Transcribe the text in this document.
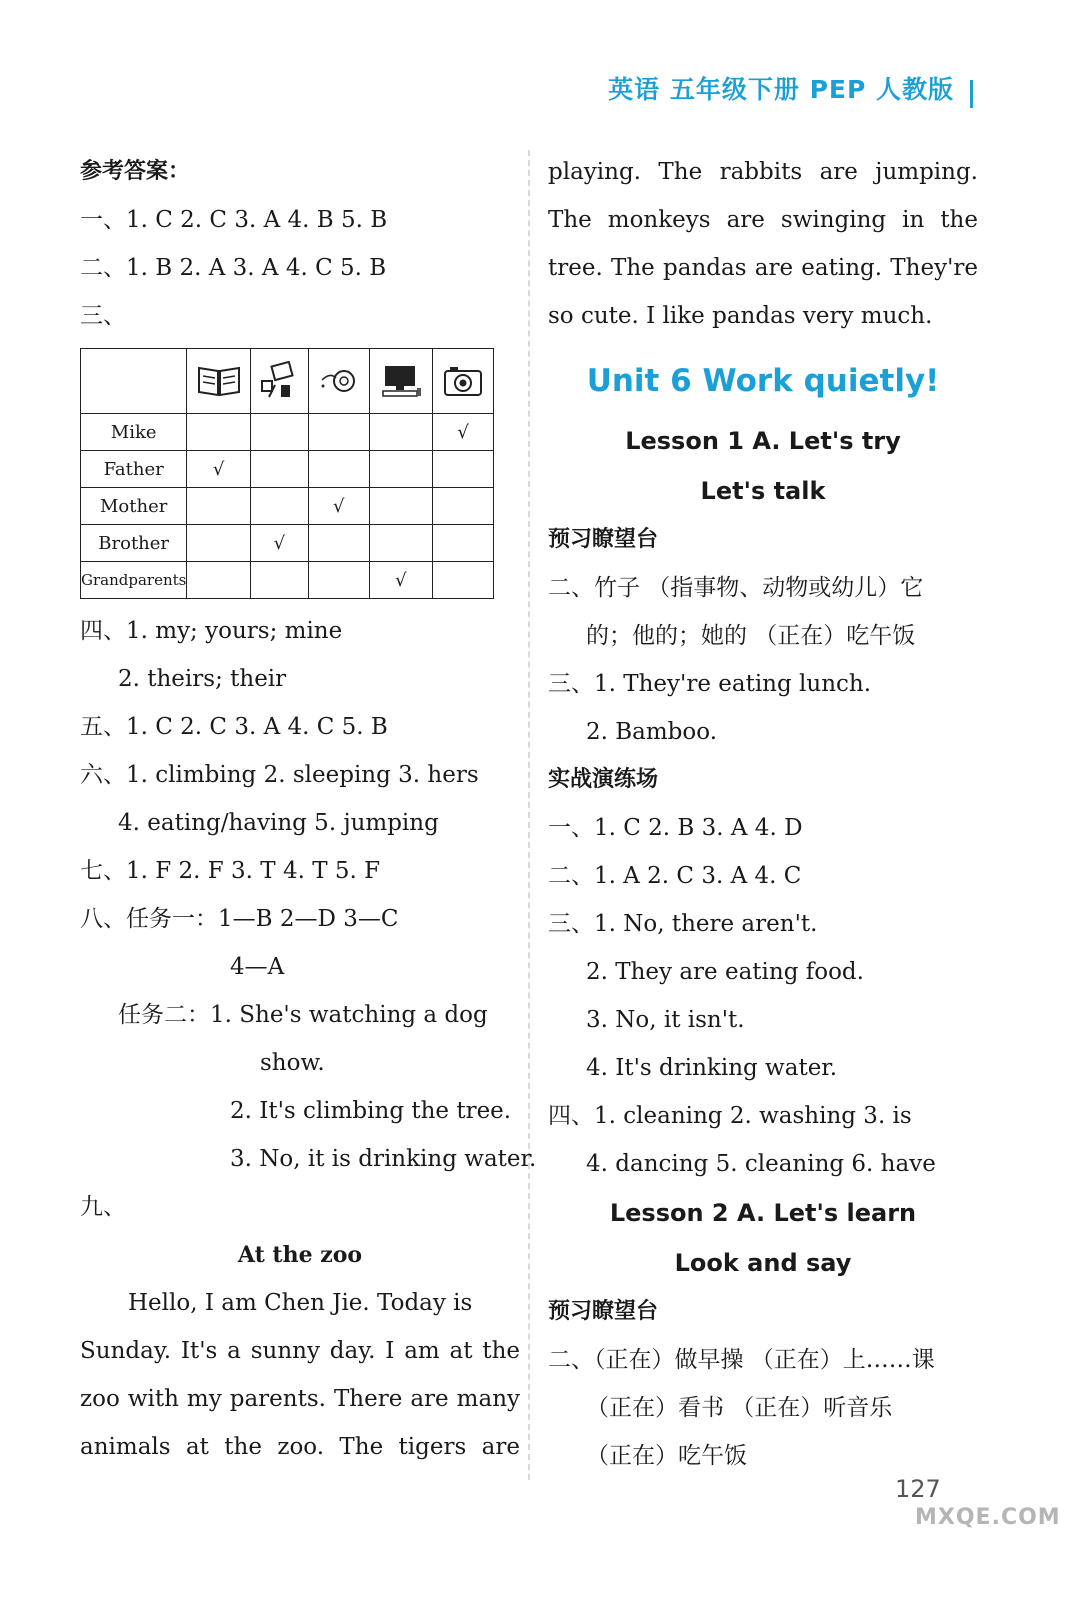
英语 五年级下册 PEP 人教版
参考答案：
一、1. C 2. C 3. A 4. B 5. B
二、1. B 2. A 3. A 4. C 5. B
三、

Mike					√
Father	√				
Mother			√		
Brother		√			
Grandparents				√	
四、1. my; yours; mine
2. theirs; their
五、1. C 2. C 3. A 4. C 5. B
六、1. climbing 2. sleeping 3. hers
4. eating/having 5. jumping
七、1. F 2. F 3. T 4. T 5. F
八、任务一：1—B 2—D 3—C
4—A
任务二：1. She's watching a dog
show.
2. It's climbing the tree.
3. No, it is drinking water.
九、
At the zoo
Hello, I am Chen Jie. Today is
Sunday. It's a sunny day. I am at the
zoo with my parents. There are many
animals at the zoo. The tigers are
playing. The rabbits are jumping.
The monkeys are swinging in the
tree. The pandas are eating. They're
so cute. I like pandas very much.
Unit 6 Work quietly!
Lesson 1 A. Let's try
Let's talk
预习瞭望台
二、竹子 （指事物、动物或幼儿）它
的；他的；她的 （正在）吃午饭
三、1. They're eating lunch.
2. Bamboo.
实战演练场
一、1. C 2. B 3. A 4. D
二、1. A 2. C 3. A 4. C
三、1. No, there aren't.
2. They are eating food.
3. No, it isn't.
4. It's drinking water.
四、1. cleaning 2. washing 3. is
4. dancing 5. cleaning 6. have
Lesson 2 A. Let's learn
Look and say
预习瞭望台
二、（正在）做早操 （正在）上……课
（正在）看书 （正在）听音乐
（正在）吃午饭
127
MXQE.COM
